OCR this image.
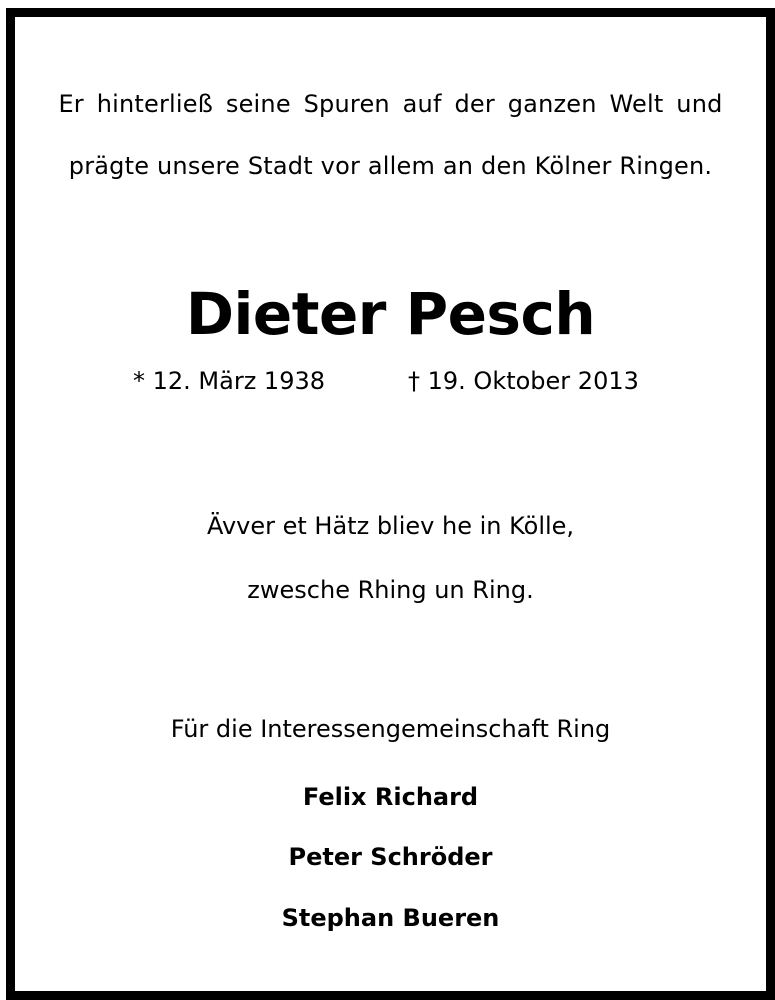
Er hinterließ seine Spuren auf der ganzen Welt und
prägte unsere Stadt vor allem an den Kölner Ringen.
Dieter Pesch
* 12. März 1938	† 19. Oktober 2013
Ävver et Hätz bliev he in Kölle,
zwesche Rhing un Ring.
Für die Interessengemeinschaft Ring
Felix Richard
Peter Schröder
Stephan Bueren
